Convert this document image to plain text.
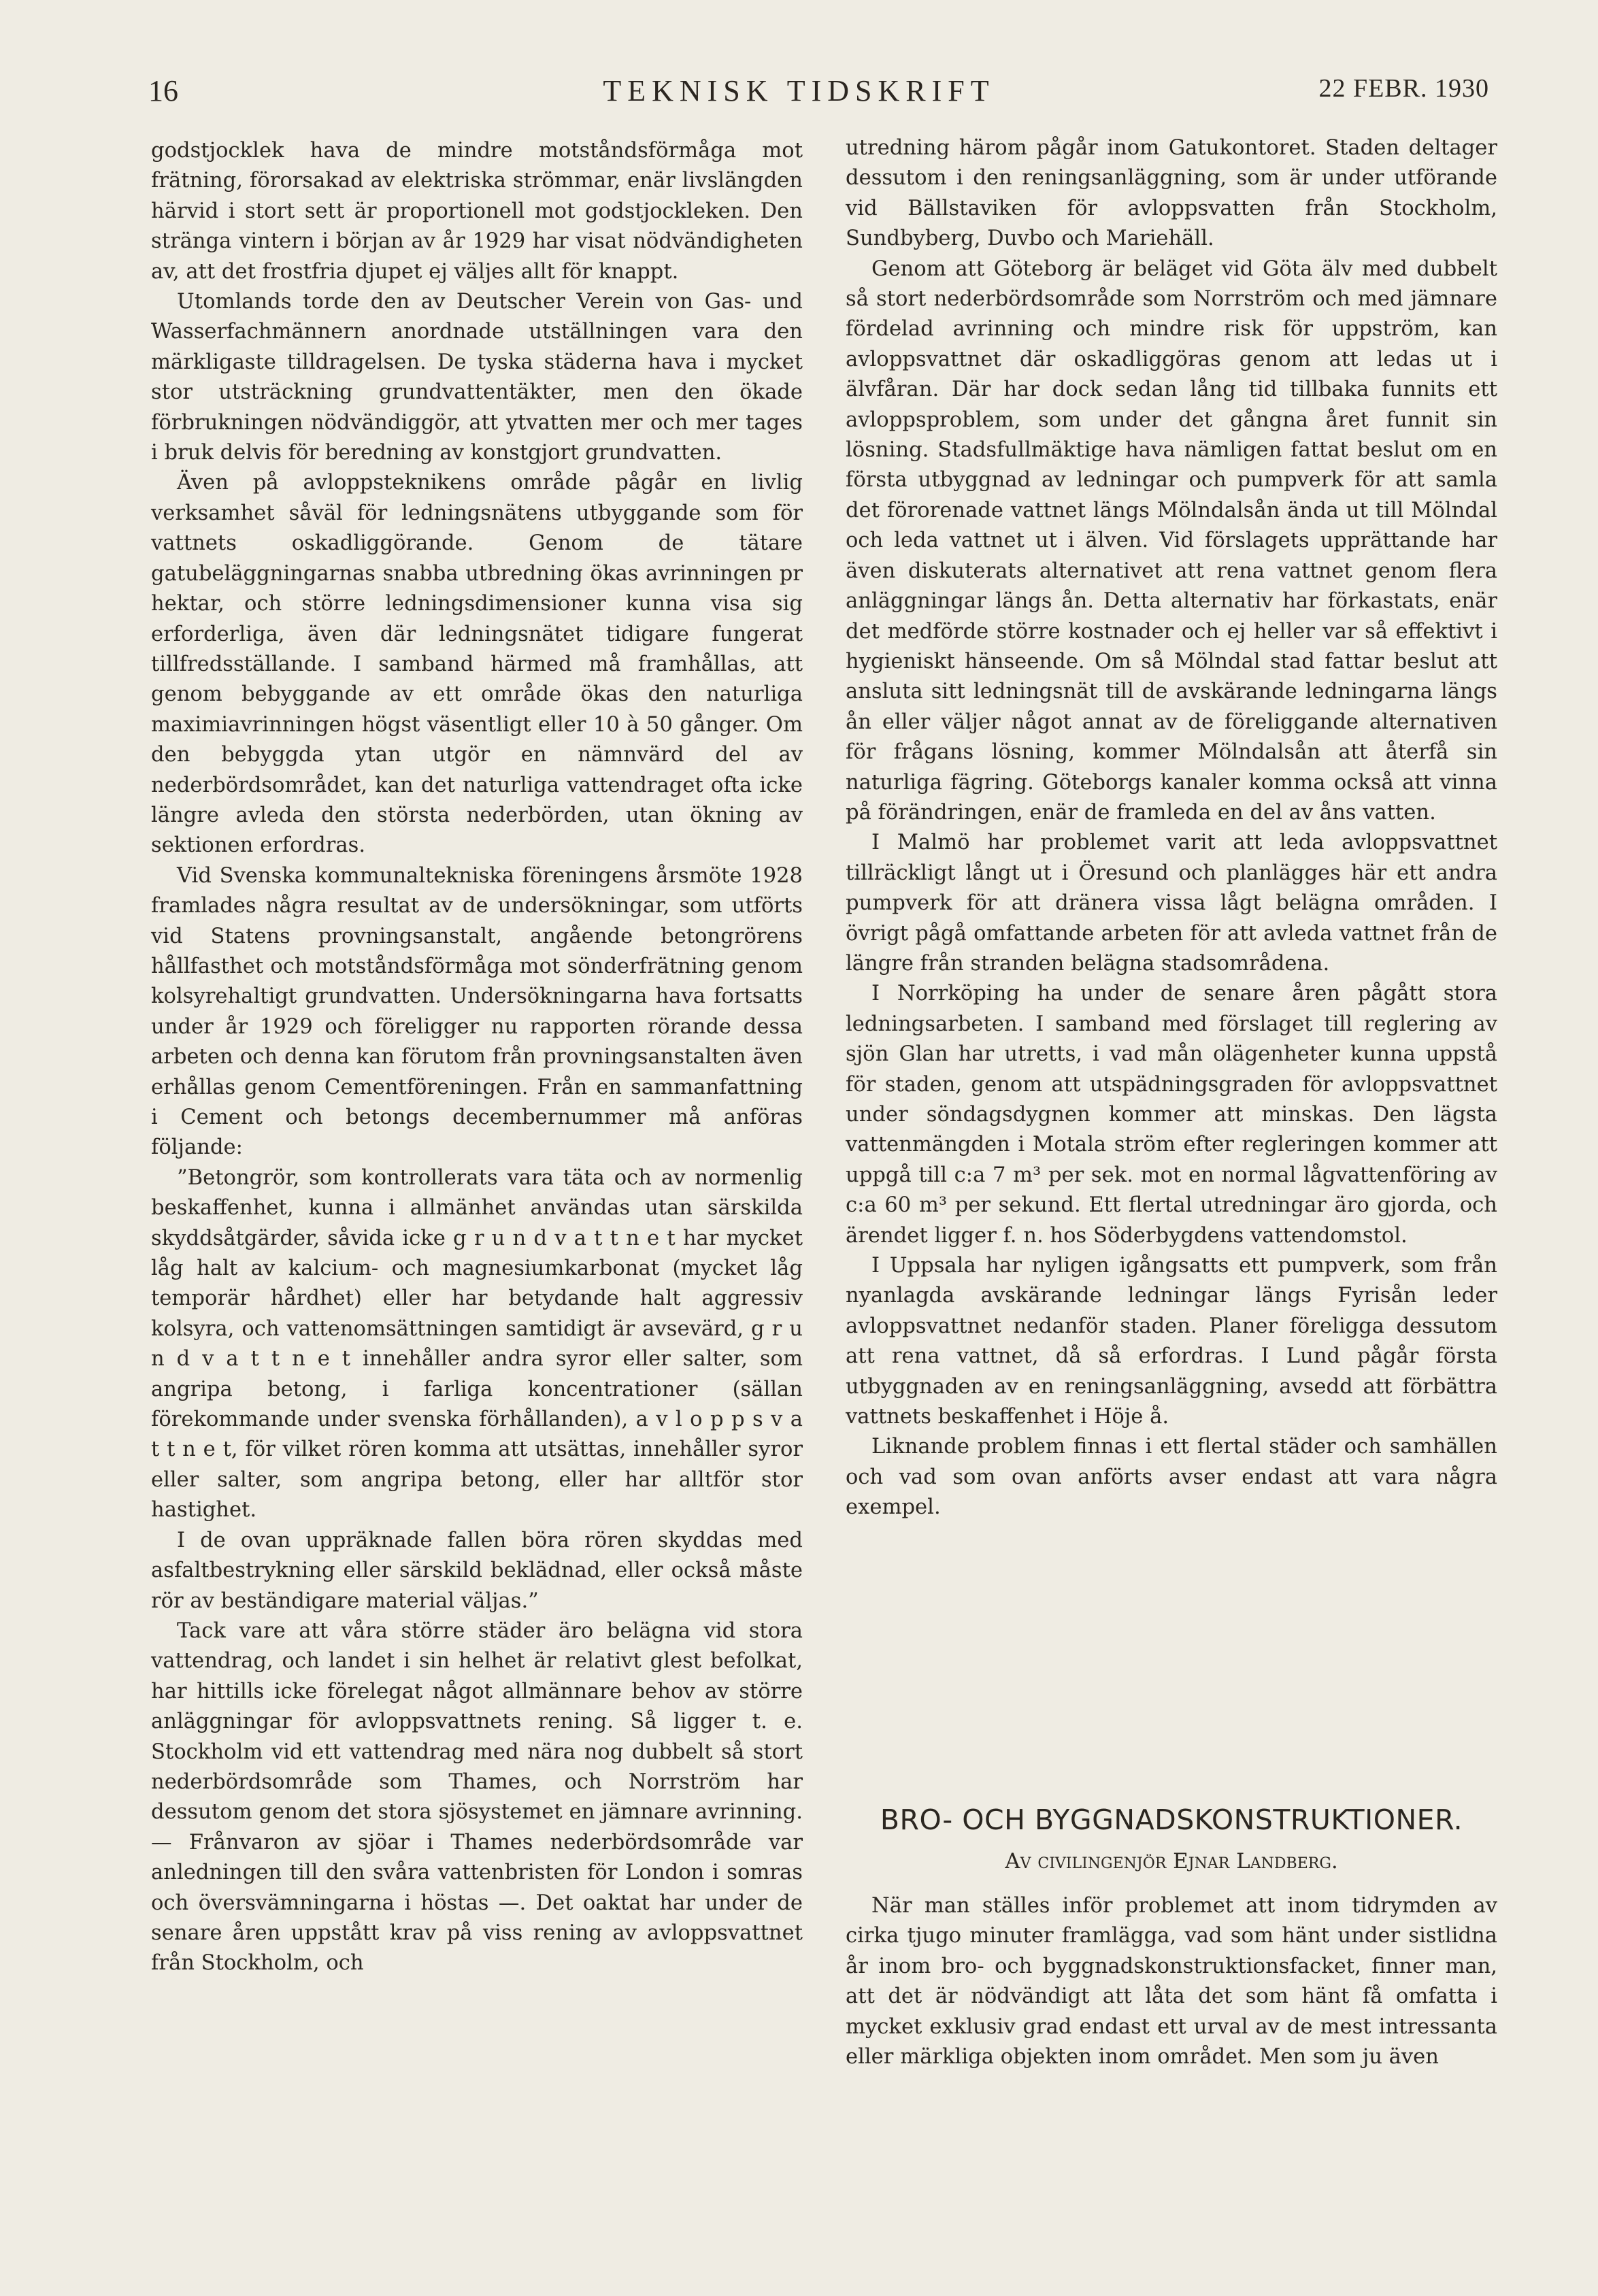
16	TEKNISK TIDSKRIFT	22 FEBR. 1930

godstjocklek hava de mindre motståndsförmåga mot frätning, förorsakad av elektriska strömmar, enär livslängden härvid i stort sett är proportionell mot godstjockleken. Den stränga vintern i början av år 1929 har visat nödvändigheten av, att det frostfria djupet ej väljes allt för knappt.

Utomlands torde den av Deutscher Verein von Gas- und Wasserfachmännern anordnade utställningen vara den märkligaste tilldragelsen. De tyska städerna hava i mycket stor utsträckning grundvattentäkter, men den ökade förbrukningen nödvändiggör, att ytvatten mer och mer tages i bruk delvis för beredning av konstgjort grundvatten.

Även på avloppsteknikens område pågår en livlig verksamhet såväl för ledningsnätens utbyggande som för vattnets oskadliggörande. Genom de tätare gatubeläggningarnas snabba utbredning ökas avrinningen pr hektar, och större ledningsdimensioner kunna visa sig erforderliga, även där ledningsnätet tidigare fungerat tillfredsställande. I samband härmed må framhållas, att genom bebyggande av ett område ökas den naturliga maximiavrinningen högst väsentligt eller 10 à 50 gånger. Om den bebyggda ytan utgör en nämnvärd del av nederbördsområdet, kan det naturliga vattendraget ofta icke längre avleda den största nederbörden, utan ökning av sektionen erfordras.

Vid Svenska kommunaltekniska föreningens årsmöte 1928 framlades några resultat av de undersökningar, som utförts vid Statens provningsanstalt, angående betongrörens hållfasthet och motståndsförmåga mot sönderfrätning genom kolsyrehaltigt grundvatten. Undersökningarna hava fortsatts under år 1929 och föreligger nu rapporten rörande dessa arbeten och denna kan förutom från provningsanstalten även erhållas genom Cementföreningen. Från en sammanfattning i Cement och betongs decembernummer må anföras följande:

”Betongrör, som kontrollerats vara täta och av normenlig beskaffenhet, kunna i allmänhet användas utan särskilda skyddsåtgärder, såvida icke g r u n d v a t t n e t har mycket låg halt av kalcium- och magnesiumkarbonat (mycket låg temporär hårdhet) eller har betydande halt aggressiv kolsyra, och vattenomsättningen samtidigt är avsevärd, g r u n d v a t t n e t innehåller andra syror eller salter, som angripa betong, i farliga koncentrationer (sällan förekommande under svenska förhållanden), a v l o p p s v a t t n e t, för vilket rören komma att utsättas, innehåller syror eller salter, som angripa betong, eller har alltför stor hastighet.

I de ovan uppräknade fallen böra rören skyddas med asfaltbestrykning eller särskild beklädnad, eller också måste rör av beständigare material väljas.”

Tack vare att våra större städer äro belägna vid stora vattendrag, och landet i sin helhet är relativt glest befolkat, har hittills icke förelegat något allmännare behov av större anläggningar för avloppsvattnets rening. Så ligger t. e. Stockholm vid ett vattendrag med nära nog dubbelt så stort nederbördsområde som Thames, och Norrström har dessutom genom det stora sjösystemet en jämnare avrinning. — Frånvaron av sjöar i Thames nederbördsområde var anledningen till den svåra vattenbristen för London i somras och översvämningarna i höstas —. Det oaktat har under de senare åren uppstått krav på viss rening av avloppsvattnet från Stockholm, och

utredning härom pågår inom Gatukontoret. Staden deltager dessutom i den reningsanläggning, som är under utförande vid Bällstaviken för avloppsvatten från Stockholm, Sundbyberg, Duvbo och Mariehäll.

Genom att Göteborg är beläget vid Göta älv med dubbelt så stort nederbördsområde som Norrström och med jämnare fördelad avrinning och mindre risk för uppström, kan avloppsvattnet där oskadliggöras genom att ledas ut i älvfåran. Där har dock sedan lång tid tillbaka funnits ett avloppsproblem, som under det gångna året funnit sin lösning. Stadsfullmäktige hava nämligen fattat beslut om en första utbyggnad av ledningar och pumpverk för att samla det förorenade vattnet längs Mölndalsån ända ut till Mölndal och leda vattnet ut i älven. Vid förslagets upprättande har även diskuterats alternativet att rena vattnet genom flera anläggningar längs ån. Detta alternativ har förkastats, enär det medförde större kostnader och ej heller var så effektivt i hygieniskt hänseende. Om så Mölndal stad fattar beslut att ansluta sitt ledningsnät till de avskärande ledningarna längs ån eller väljer något annat av de föreliggande alternativen för frågans lösning, kommer Mölndalsån att återfå sin naturliga fägring. Göteborgs kanaler komma också att vinna på förändringen, enär de framleda en del av åns vatten.

I Malmö har problemet varit att leda avloppsvattnet tillräckligt långt ut i Öresund och planlägges här ett andra pumpverk för att dränera vissa lågt belägna områden. I övrigt pågå omfattande arbeten för att avleda vattnet från de längre från stranden belägna stadsområdena.

I Norrköping ha under de senare åren pågått stora ledningsarbeten. I samband med förslaget till reglering av sjön Glan har utretts, i vad mån olägenheter kunna uppstå för staden, genom att utspädningsgraden för avloppsvattnet under söndagsdygnen kommer att minskas. Den lägsta vattenmängden i Motala ström efter regleringen kommer att uppgå till c:a 7 m³ per sek. mot en normal lågvattenföring av c:a 60 m³ per sekund. Ett flertal utredningar äro gjorda, och ärendet ligger f. n. hos Söderbygdens vattendomstol.

I Uppsala har nyligen igångsatts ett pumpverk, som från nyanlagda avskärande ledningar längs Fyrisån leder avloppsvattnet nedanför staden. Planer föreligga dessutom att rena vattnet, då så erfordras. I Lund pågår första utbyggnaden av en reningsanläggning, avsedd att förbättra vattnets beskaffenhet i Höje å.

Liknande problem finnas i ett flertal städer och samhällen och vad som ovan anförts avser endast att vara några exempel.

BRO- OCH BYGGNADSKONSTRUKTIONER.
Av civilingenjör Ejnar Landberg.

När man ställes inför problemet att inom tidrymden av cirka tjugo minuter framlägga, vad som hänt under sistlidna år inom bro- och byggnadskonstruktionsfacket, finner man, att det är nödvändigt att låta det som hänt få omfatta i mycket exklusiv grad endast ett urval av de mest intressanta eller märkliga objekten inom området. Men som ju även
